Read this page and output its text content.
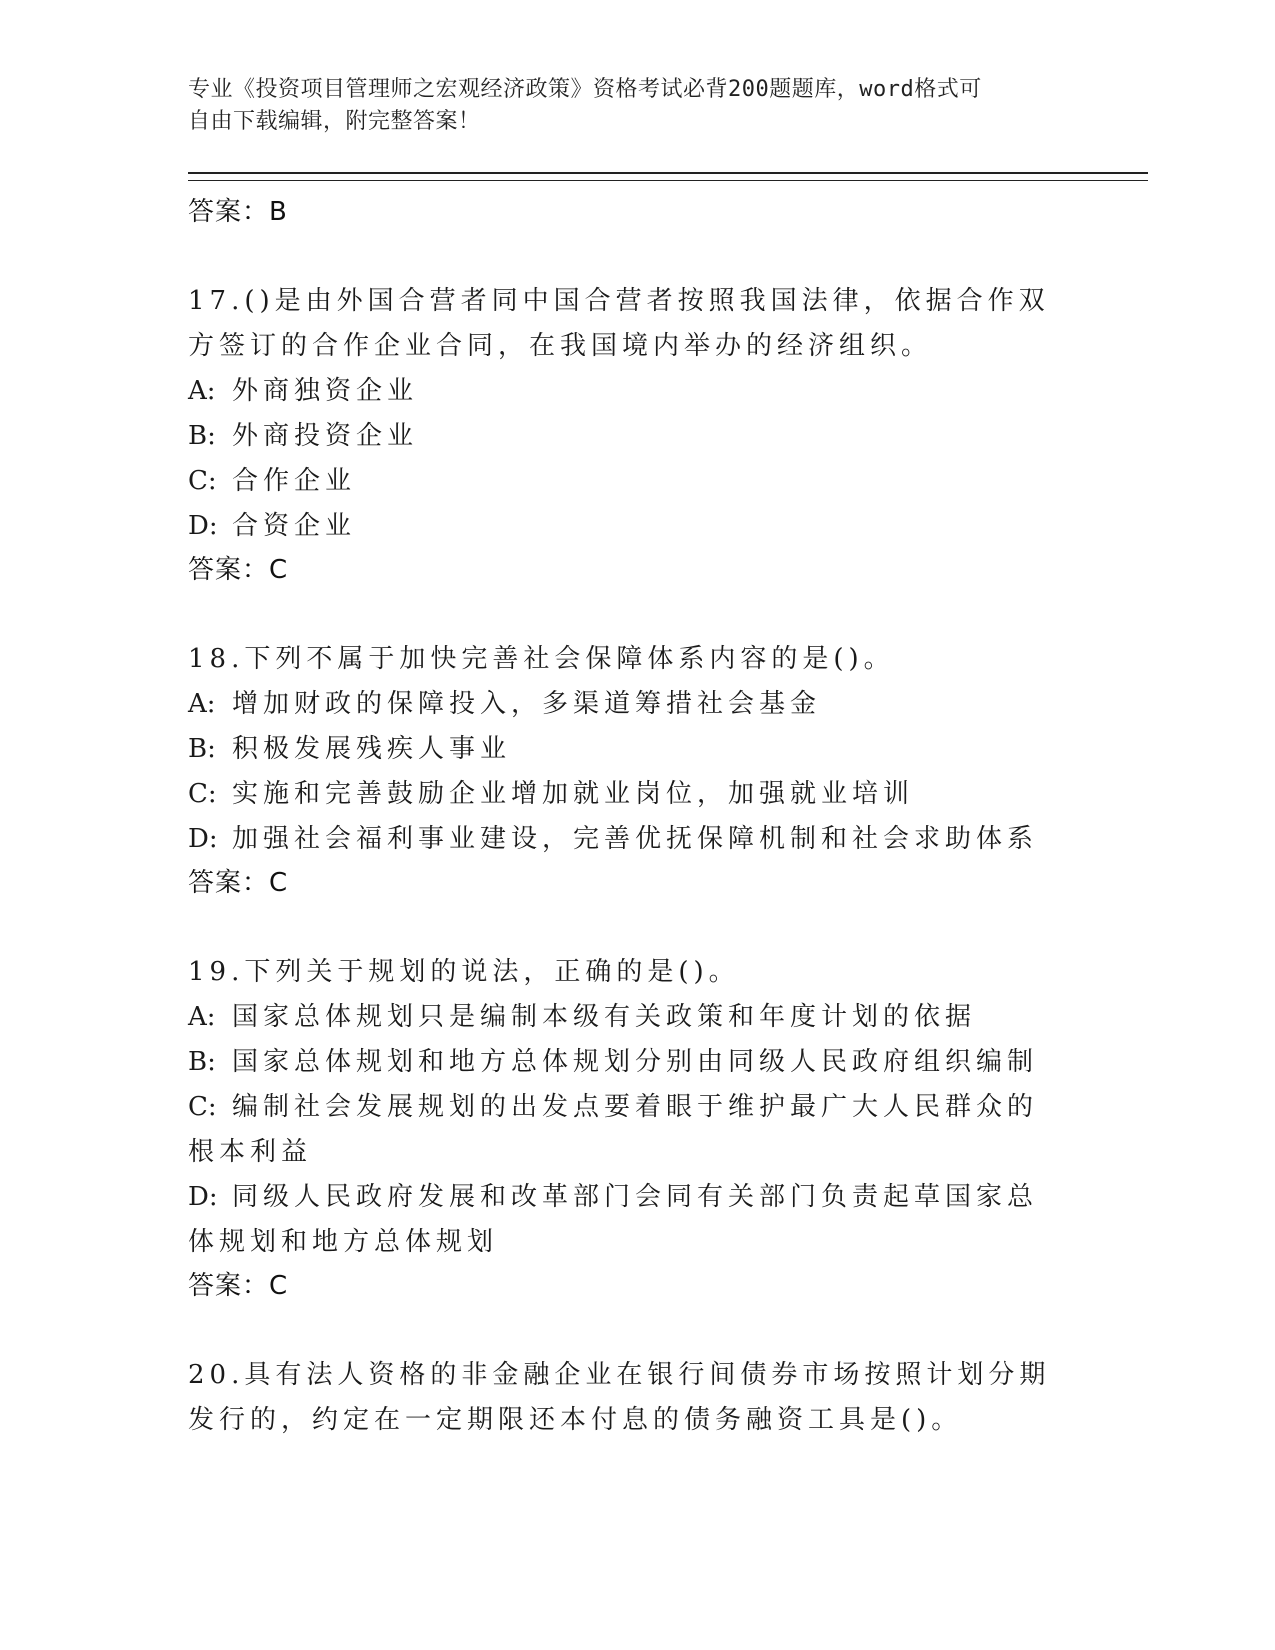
专业《投资项目管理师之宏观经济政策》资格考试必背200题题库，word格式可
自由下载编辑，附完整答案！
答案：B
17.()是由外国合营者同中国合营者按照我国法律，依据合作双方签订的合作企业合同，在我国境内举办的经济组织。
A: 外商独资企业
B: 外商投资企业
C: 合作企业
D: 合资企业
答案：C
18.下列不属于加快完善社会保障体系内容的是()。
A: 增加财政的保障投入，多渠道筹措社会基金
B: 积极发展残疾人事业
C: 实施和完善鼓励企业增加就业岗位，加强就业培训
D: 加强社会福利事业建设，完善优抚保障机制和社会求助体系
答案：C
19.下列关于规划的说法，正确的是()。
A: 国家总体规划只是编制本级有关政策和年度计划的依据
B: 国家总体规划和地方总体规划分别由同级人民政府组织编制
C: 编制社会发展规划的出发点要着眼于维护最广大人民群众的根本利益
D: 同级人民政府发展和改革部门会同有关部门负责起草国家总体规划和地方总体规划
答案：C
20.具有法人资格的非金融企业在银行间债券市场按照计划分期发行的，约定在一定期限还本付息的债务融资工具是()。
